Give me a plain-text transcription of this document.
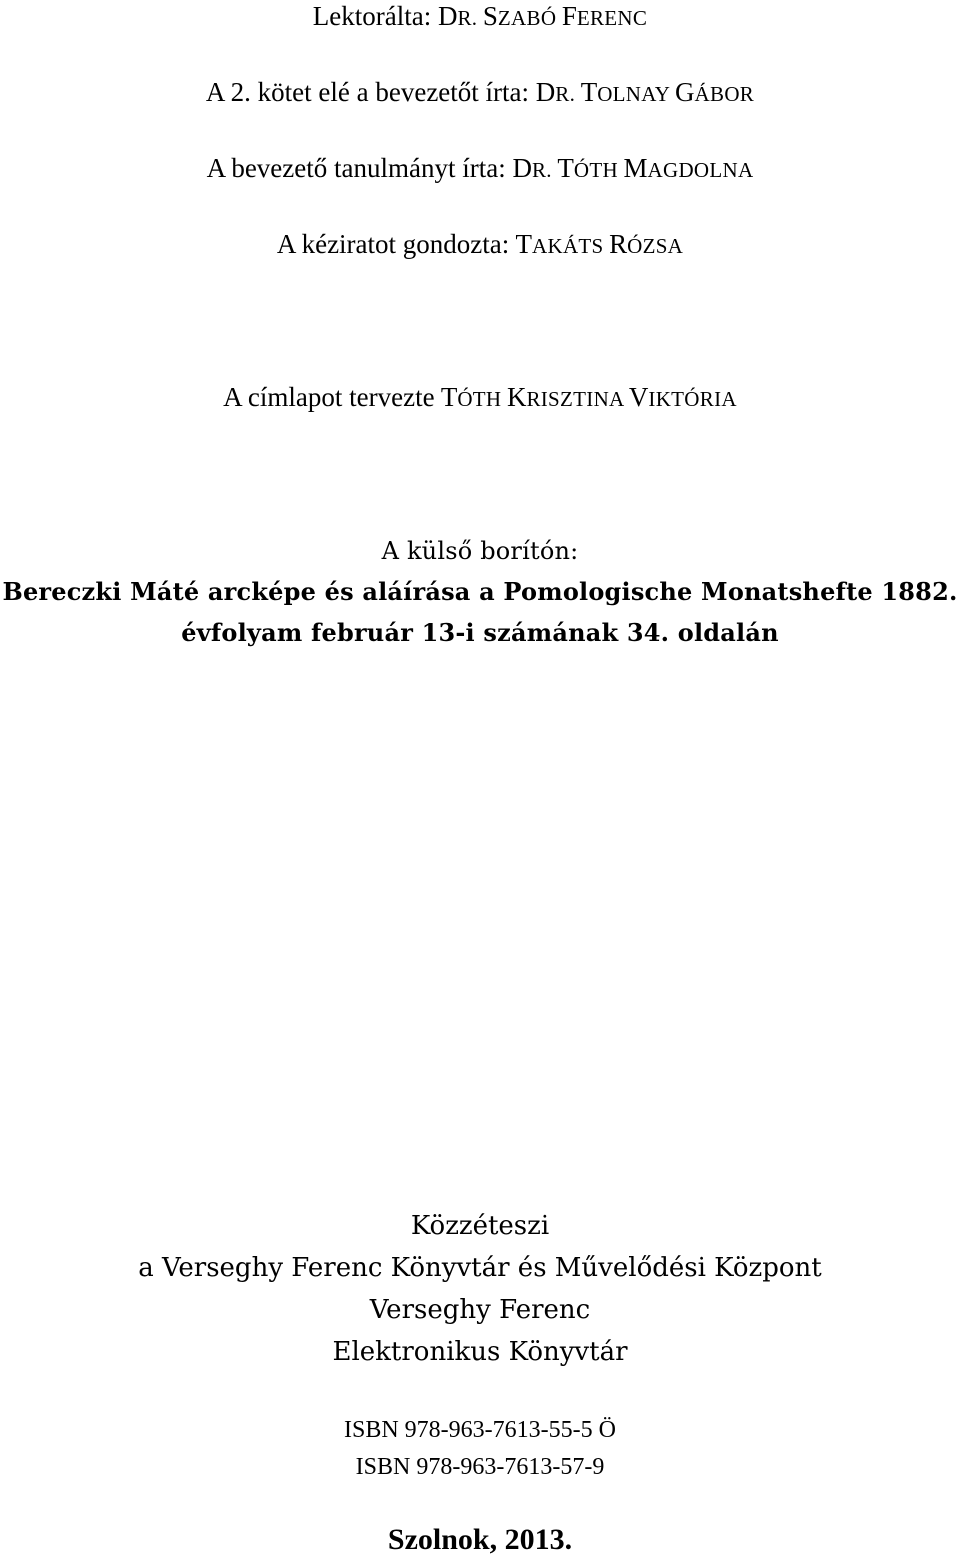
Lektorálta: DR. SZABÓ FERENC
A 2. kötet elé a bevezetőt írta: DR. TOLNAY GÁBOR
A bevezető tanulmányt írta: DR. TÓTH MAGDOLNA
A kéziratot gondozta: TAKÁTS RÓZSA
A címlapot tervezte TÓTH KRISZTINA VIKTÓRIA
A külső borítón:
Bereczki Máté arcképe és aláírása a Pomologische Monatshefte 1882.
évfolyam február 13-i számának 34. oldalán
Közzéteszi
a Verseghy Ferenc Könyvtár és Művelődési Központ
Verseghy Ferenc
Elektronikus Könyvtár
ISBN 978-963-7613-55-5 Ö
ISBN 978-963-7613-57-9
Szolnok, 2013.
